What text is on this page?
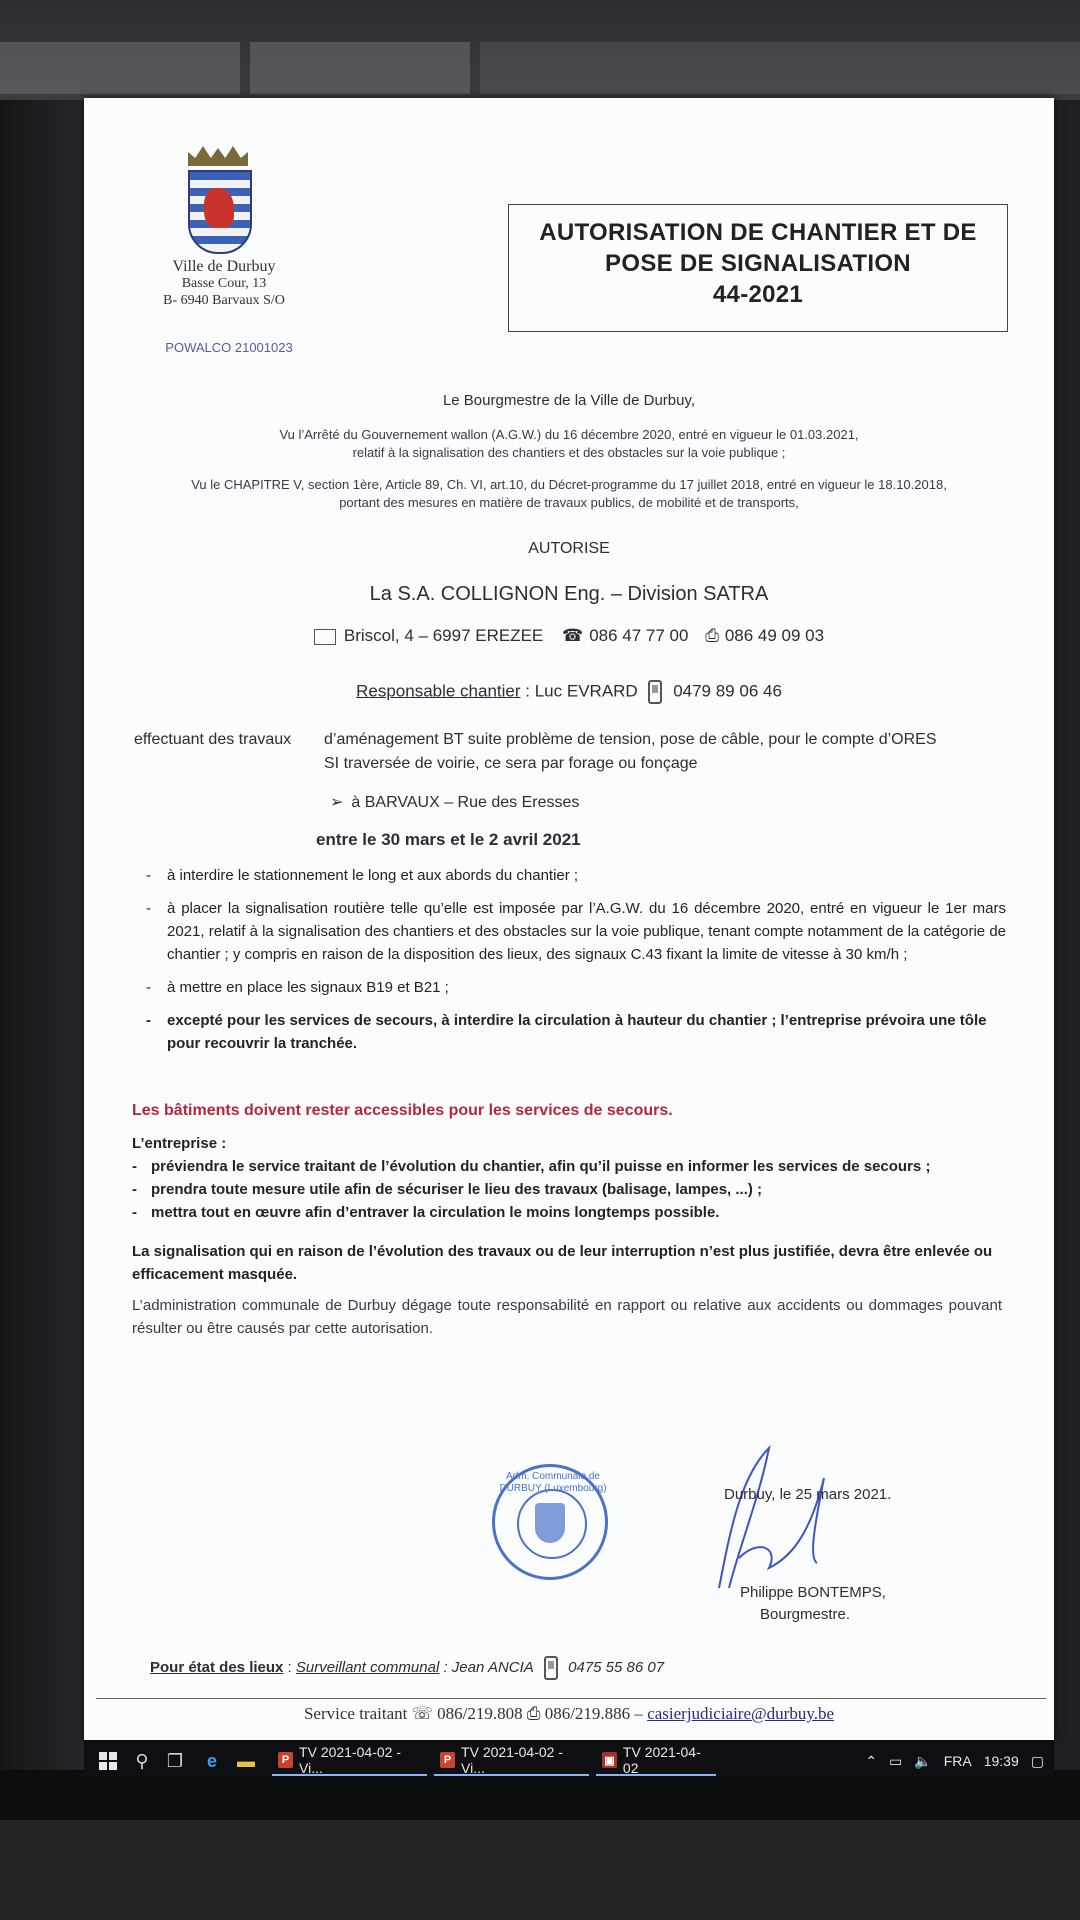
Ville de Durbuy
Basse Cour, 13
B- 6940 Barvaux S/O
POWALCO 21001023
AUTORISATION DE CHANTIER ET DE
POSE DE SIGNALISATION
44-2021
Le Bourgmestre de la Ville de Durbuy,
Vu l’Arrêté du Gouvernement wallon (A.G.W.) du 16 décembre 2020, entré en vigueur le 01.03.2021,
relatif à la signalisation des chantiers et des obstacles sur la voie publique ;
Vu le CHAPITRE V, section 1ère, Article 89, Ch. VI, art.10, du Décret-programme du 17 juillet 2018, entré en vigueur le 18.10.2018,
portant des mesures en matière de travaux publics, de mobilité et de transports,
AUTORISE
La S.A. COLLIGNON Eng. – Division SATRA
Briscol, 4 – 6997 EREZEE ☎ 086 47 77 00 ⎙ 086 49 09 03
Responsable chantier : Luc EVRARD 0479 89 06 46
effectuant des travaux d’aménagement BT suite problème de tension, pose de câble, pour le compte d’ORES
SI traversée de voirie, ce sera par forage ou fonçage
➢ à BARVAUX – Rue des Eresses
entre le 30 mars et le 2 avril 2021
- à interdire le stationnement le long et aux abords du chantier ;
- à placer la signalisation routière telle qu’elle est imposée par l’A.G.W. du 16 décembre 2020, entré en vigueur le 1er mars 2021, relatif à la signalisation des chantiers et des obstacles sur la voie publique, tenant compte notamment de la catégorie de chantier ; y compris en raison de la disposition des lieux, des signaux C.43 fixant la limite de vitesse à 30 km/h ;
- à mettre en place les signaux B19 et B21 ;
- excepté pour les services de secours, à interdire la circulation à hauteur du chantier ; l’entreprise prévoira une tôle pour recouvrir la tranchée.
Les bâtiments doivent rester accessibles pour les services de secours.
L’entreprise :
- préviendra le service traitant de l’évolution du chantier, afin qu’il puisse en informer les services de secours ;
- prendra toute mesure utile afin de sécuriser le lieu des travaux (balisage, lampes, ...) ;
- mettra tout en œuvre afin d’entraver la circulation le moins longtemps possible.
La signalisation qui en raison de l’évolution des travaux ou de leur interruption n’est plus justifiée, devra être enlevée ou efficacement masquée.
L’administration communale de Durbuy dégage toute responsabilité en rapport ou relative aux accidents ou dommages pouvant résulter ou être causés par cette autorisation.
Adm. Communale de DURBUY (Luxembourg)	Durbuy, le 25 mars 2021.
Philippe BONTEMPS,
Bourgmestre.
Pour état des lieux : Surveillant communal : Jean ANCIA 0475 55 86 07
Service traitant ☏ 086/219.808 ⎙ 086/219.886 – casierjudiciaire@durbuy.be
⚲ ❐ e ▬	P TV 2021-04-02 - Vi...	P TV 2021-04-02 - Vi...	▣
TV 2021-04-02	⌃ ▭ 🔈 FRA 19:39 ▢
